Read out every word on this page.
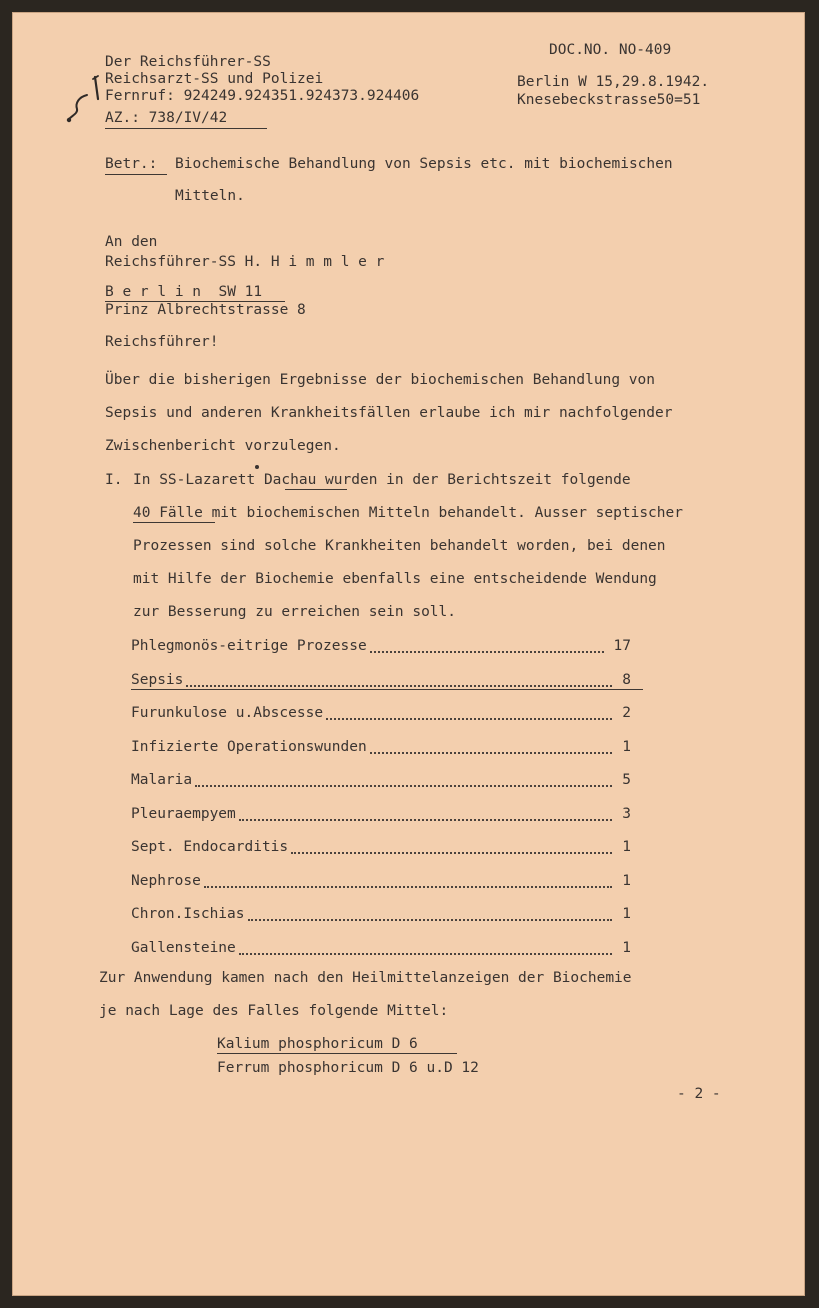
Der Reichsführer-SS
Reichsarzt-SS und Polizei
Fernruf: 924249.924351.924373.924406
AZ.: 738/IV/42
DOC.NO. NO-409
Berlin W 15,29.8.1942.
Knesebeckstrasse50=51
Betr.: Biochemische Behandlung von Sepsis etc. mit biochemischen
Mitteln.
An den
Reichsführer-SS H. H i m m l e r
B e r l i n  SW 11
Prinz Albrechtstrasse 8
Reichsführer!
Über die bisherigen Ergebnisse der biochemischen Behandlung von
Sepsis und anderen Krankheitsfällen erlaube ich mir nachfolgender
Zwischenbericht vorzulegen.
I. In SS-Lazarett Dachau wurden in der Berichtszeit folgende
40 Fälle mit biochemischen Mitteln behandelt. Ausser septischer
Prozessen sind solche Krankheiten behandelt worden, bei denen
mit Hilfe der Biochemie ebenfalls eine entscheidende Wendung
zur Besserung zu erreichen sein soll.
Phlegmonös-eitrige Prozesse	17
Sepsis	8
Furunkulose u.Abscesse	2
Infizierte Operationswunden	1
Malaria	5
Pleuraempyem	3
Sept. Endocarditis	1
Nephrose	1
Chron.Ischias	1
Gallensteine	1
Zur Anwendung kamen nach den Heilmittelanzeigen der Biochemie
je nach Lage des Falles folgende Mittel:
Kalium phosphoricum D 6
Ferrum phosphoricum D 6 u.D 12
- 2 -
